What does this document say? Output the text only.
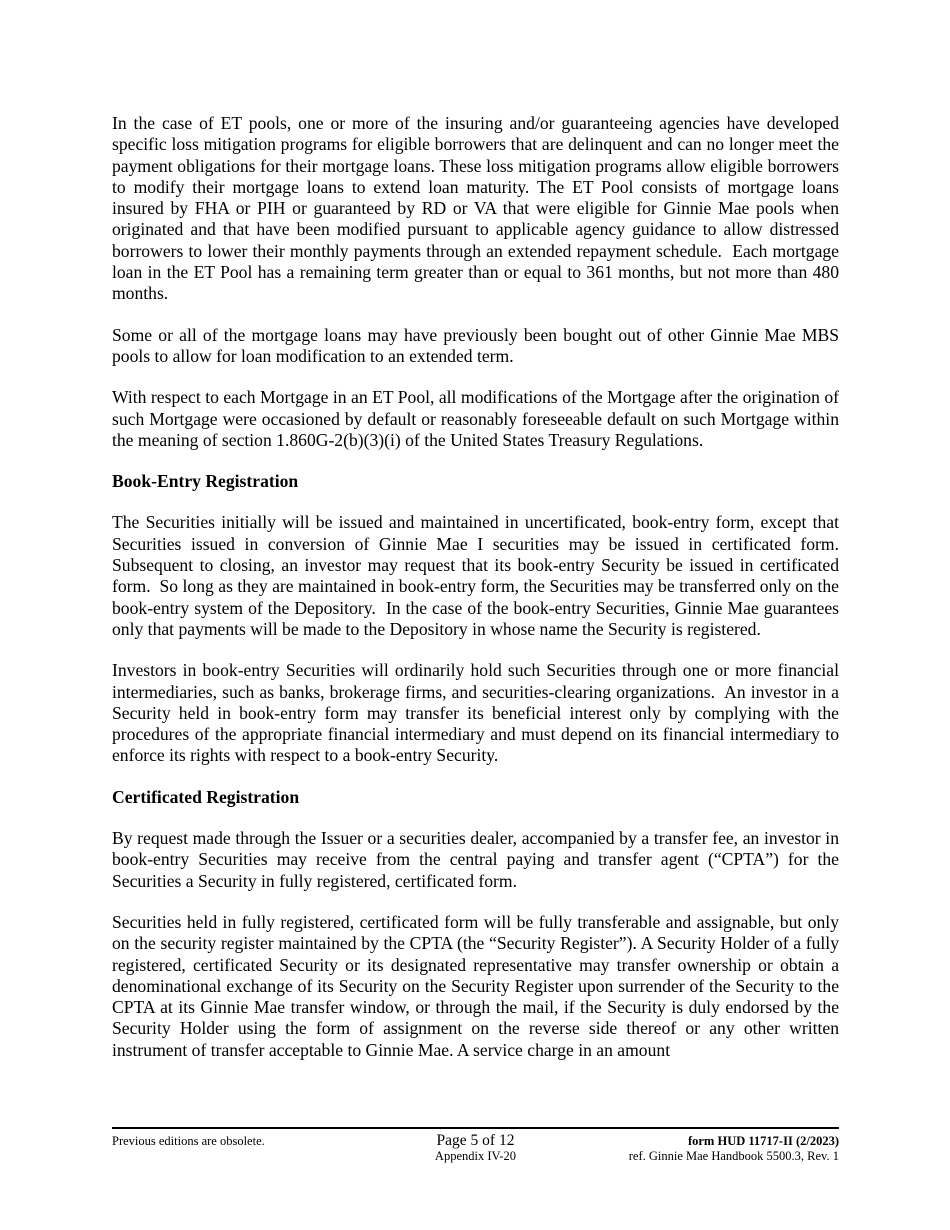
In the case of ET pools, one or more of the insuring and/or guaranteeing agencies have developed specific loss mitigation programs for eligible borrowers that are delinquent and can no longer meet the payment obligations for their mortgage loans. These loss mitigation programs allow eligible borrowers to modify their mortgage loans to extend loan maturity. The ET Pool consists of mortgage loans insured by FHA or PIH or guaranteed by RD or VA that were eligible for Ginnie Mae pools when originated and that have been modified pursuant to applicable agency guidance to allow distressed borrowers to lower their monthly payments through an extended repayment schedule.  Each mortgage loan in the ET Pool has a remaining term greater than or equal to 361 months, but not more than 480 months.

Some or all of the mortgage loans may have previously been bought out of other Ginnie Mae MBS pools to allow for loan modification to an extended term.

With respect to each Mortgage in an ET Pool, all modifications of the Mortgage after the origination of such Mortgage were occasioned by default or reasonably foreseeable default on such Mortgage within the meaning of section 1.860G-2(b)(3)(i) of the United States Treasury Regulations.

Book-Entry Registration

The Securities initially will be issued and maintained in uncertificated, book-entry form, except that Securities issued in conversion of Ginnie Mae I securities may be issued in certificated form. Subsequent to closing, an investor may request that its book-entry Security be issued in certificated form.  So long as they are maintained in book-entry form, the Securities may be transferred only on the book-entry system of the Depository.  In the case of the book-entry Securities, Ginnie Mae guarantees only that payments will be made to the Depository in whose name the Security is registered.

Investors in book-entry Securities will ordinarily hold such Securities through one or more financial intermediaries, such as banks, brokerage firms, and securities-clearing organizations.  An investor in a Security held in book-entry form may transfer its beneficial interest only by complying with the procedures of the appropriate financial intermediary and must depend on its financial intermediary to enforce its rights with respect to a book-entry Security.

Certificated Registration

By request made through the Issuer or a securities dealer, accompanied by a transfer fee, an investor in book-entry Securities may receive from the central paying and transfer agent (“CPTA”) for the Securities a Security in fully registered, certificated form.

Securities held in fully registered, certificated form will be fully transferable and assignable, but only on the security register maintained by the CPTA (the “Security Register”). A Security Holder of a fully registered, certificated Security or its designated representative may transfer ownership or obtain a denominational exchange of its Security on the Security Register upon surrender of the Security to the CPTA at its Ginnie Mae transfer window, or through the mail, if the Security is duly endorsed by the Security Holder using the form of assignment on the reverse side thereof or any other written instrument of transfer acceptable to Ginnie Mae. A service charge in an amount

Previous editions are obsolete.	Page 5 of 12
Appendix IV-20
form HUD 11717-II (2/2023)
ref. Ginnie Mae Handbook 5500.3, Rev. 1
